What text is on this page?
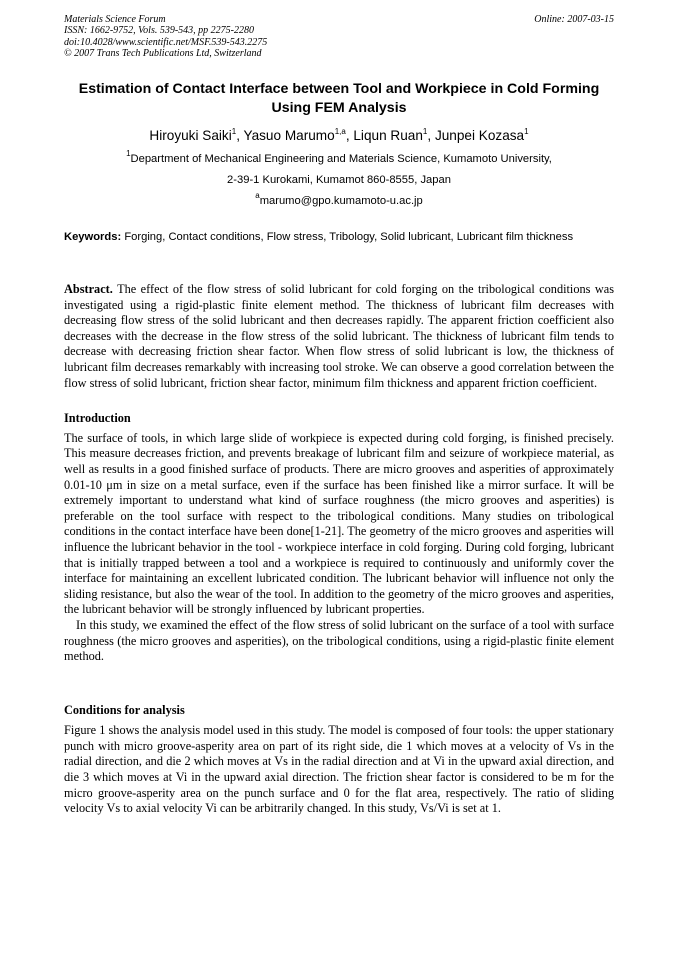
Materials Science Forum
ISSN: 1662-9752, Vols. 539-543, pp 2275-2280
doi:10.4028/www.scientific.net/MSF.539-543.2275
© 2007 Trans Tech Publications Ltd, Switzerland
Online: 2007-03-15
Estimation of Contact Interface between Tool and Workpiece in Cold Forming Using FEM Analysis
Hiroyuki Saiki$^1$, Yasuo Marumo$^{1,a}$, Liqun Ruan$^1$, Junpei Kozasa$^1$
$^1$Department of Mechanical Engineering and Materials Science, Kumamoto University,
2-39-1 Kurokami, Kumamot 860-8555, Japan
$^a$marumo@gpo.kumamoto-u.ac.jp
Keywords: Forging, Contact conditions, Flow stress, Tribology, Solid lubricant, Lubricant film thickness
Abstract. The effect of the flow stress of solid lubricant for cold forging on the tribological conditions was investigated using a rigid-plastic finite element method. The thickness of lubricant film decreases with decreasing flow stress of the solid lubricant and then decreases rapidly. The apparent friction coefficient also decreases with the decrease in the flow stress of the solid lubricant. The thickness of lubricant film tends to decrease with decreasing friction shear factor. When flow stress of solid lubricant is low, the thickness of lubricant film decreases remarkably with increasing tool stroke. We can observe a good correlation between the flow stress of solid lubricant, friction shear factor, minimum film thickness and apparent friction coefficient.
Introduction
The surface of tools, in which large slide of workpiece is expected during cold forging, is finished precisely. This measure decreases friction, and prevents breakage of lubricant film and seizure of workpiece material, as well as results in a good finished surface of products. There are micro grooves and asperities of approximately 0.01-10 μm in size on a metal surface, even if the surface has been finished like a mirror surface. It will be extremely important to understand what kind of surface roughness (the micro grooves and asperities) is preferable on the tool surface with respect to the tribological conditions. Many studies on tribological conditions in the contact interface have been done[1-21]. The geometry of the micro grooves and asperities will influence the lubricant behavior in the tool - workpiece interface in cold forging. During cold forging, lubricant that is initially trapped between a tool and a workpiece is required to continuously and uniformly cover the interface for maintaining an excellent lubricated condition. The lubricant behavior will influence not only the sliding resistance, but also the wear of the tool. In addition to the geometry of the micro grooves and asperities, the lubricant behavior will be strongly influenced by lubricant properties.
In this study, we examined the effect of the flow stress of solid lubricant on the surface of a tool with surface roughness (the micro grooves and asperities), on the tribological conditions, using a rigid-plastic finite element method.
Conditions for analysis
Figure 1 shows the analysis model used in this study. The model is composed of four tools: the upper stationary punch with micro groove-asperity area on part of its right side, die 1 which moves at a velocity of Vs in the radial direction, and die 2 which moves at Vs in the radial direction and at Vi in the upward axial direction, and die 3 which moves at Vi in the upward axial direction. The friction shear factor is considered to be m for the micro groove-asperity area on the punch surface and 0 for the flat area, respectively. The ratio of sliding velocity Vs to axial velocity Vi can be arbitrarily changed. In this study, Vs/Vi is set at 1.
